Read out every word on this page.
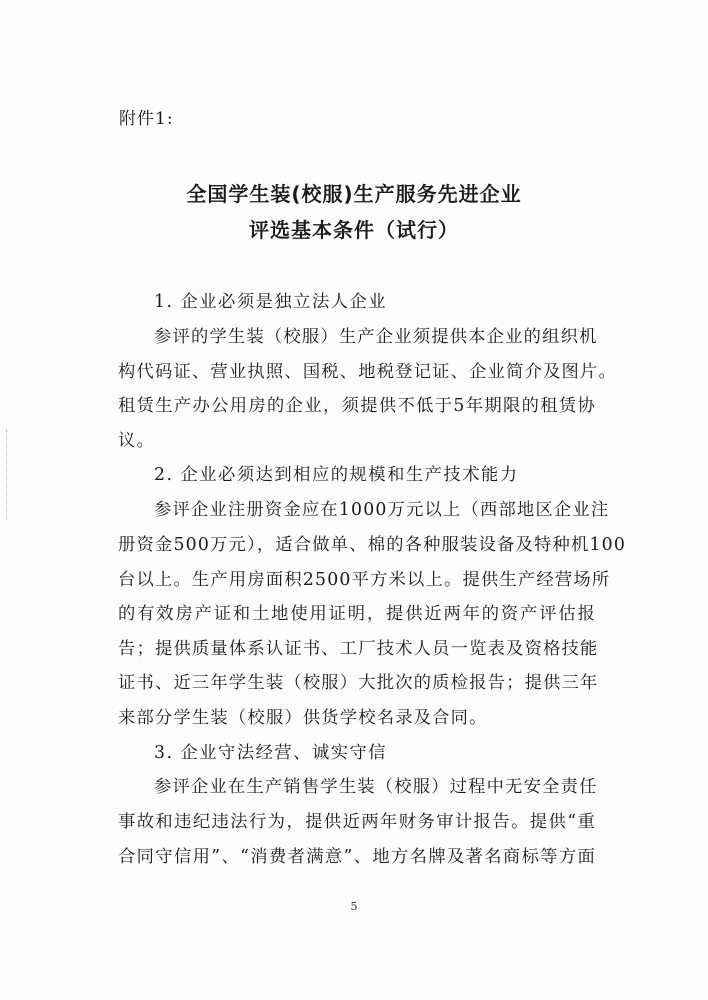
附件1:
全国学生装(校服)生产服务先进企业
评选基本条件（试行）
1. 企业必须是独立法人企业
参评的学生装（校服）生产企业须提供本企业的组织机
构代码证、营业执照、国税、地税登记证、企业简介及图片。
租赁生产办公用房的企业，须提供不低于5年期限的租赁协
议。
2. 企业必须达到相应的规模和生产技术能力
参评企业注册资金应在1000万元以上（西部地区企业注
册资金500万元），适合做单、棉的各种服装设备及特种机100
台以上。生产用房面积2500平方米以上。提供生产经营场所
的有效房产证和土地使用证明，提供近两年的资产评估报
告；提供质量体系认证书、工厂技术人员一览表及资格技能
证书、近三年学生装（校服）大批次的质检报告；提供三年
来部分学生装（校服）供货学校名录及合同。
3. 企业守法经营、诚实守信
参评企业在生产销售学生装（校服）过程中无安全责任
事故和违纪违法行为，提供近两年财务审计报告。提供“重
合同守信用”、“消费者满意”、地方名牌及著名商标等方面
5
